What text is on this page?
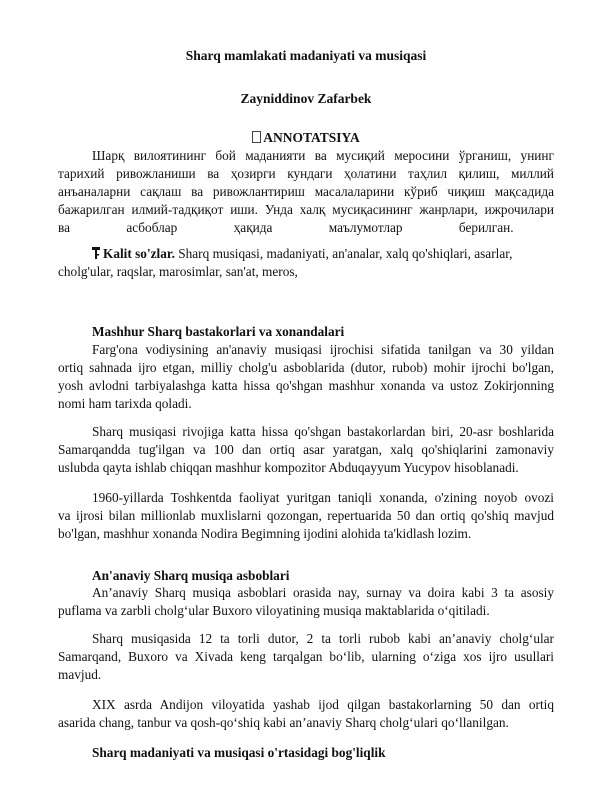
Sharq mamlakati madaniyati va musiqasi
Zayniddinov Zafarbek
ANNOTATSIYA
Шарқ вилоятининг бой маданияти ва мусиқий меросини ўрганиш, унинг
тарихий ривожланиши ва ҳозирги кундаги ҳолатини таҳлил қилиш, миллий
анъаналарни сақлаш ва ривожлантириш масалаларини кўриб чиқиш мақсадида
бажарилган илмий-тадқиқот иши. Унда халқ мусиқасининг жанрлари, ижрочилари
ва асбоблар ҳақида маълумотлар берилган.
Kalit so'zlar. Sharq musiqasi, madaniyati, an'analar, xalq qo'shiqlari, asarlar,
cholg'ular, raqslar, marosimlar, san'at, meros,
Mashhur Sharq bastakorlari va xonandalari
Farg'ona vodiysining an'anaviy musiqasi ijrochisi sifatida tanilgan va 30 yildan
ortiq sahnada ijro etgan, milliy cholg'u asboblarida (dutor, rubob) mohir ijrochi bo'lgan,
yosh avlodni tarbiyalashga katta hissa qo'shgan mashhur xonanda va ustoz Zokirjonning
nomi ham tarixda qoladi.
Sharq musiqasi rivojiga katta hissa qo'shgan bastakorlardan biri, 20-asr boshlarida
Samarqandda tug'ilgan va 100 dan ortiq asar yaratgan, xalq qo'shiqlarini zamonaviy
uslubda qayta ishlab chiqqan mashhur kompozitor Abduqayyum Yucypov hisoblanadi.
1960-yillarda Toshkentda faoliyat yuritgan taniqli xonanda, o'zining noyob ovozi
va ijrosi bilan millionlab muxlislarni qozongan, repertuarida 50 dan ortiq qo'shiq mavjud
bo'lgan, mashhur xonanda Nodira Begimning ijodini alohida ta'kidlash lozim.
An'anaviy Sharq musiqa asboblari
An’anaviy Sharq musiqa asboblari orasida nay, surnay va doira kabi 3 ta asosiy
puflama va zarbli cholg‘ular Buxoro viloyatining musiqa maktablarida o‘qitiladi.
Sharq musiqasida 12 ta torli dutor, 2 ta torli rubob kabi an’anaviy cholg‘ular
Samarqand, Buxoro va Xivada keng tarqalgan bo‘lib, ularning o‘ziga xos ijro usullari
mavjud.
XIX asrda Andijon viloyatida yashab ijod qilgan bastakorlarning 50 dan ortiq
asarida chang, tanbur va qosh-qo‘shiq kabi an’anaviy Sharq cholg‘ulari qo‘llanilgan.
Sharq madaniyati va musiqasi o'rtasidagi bog'liqlik
